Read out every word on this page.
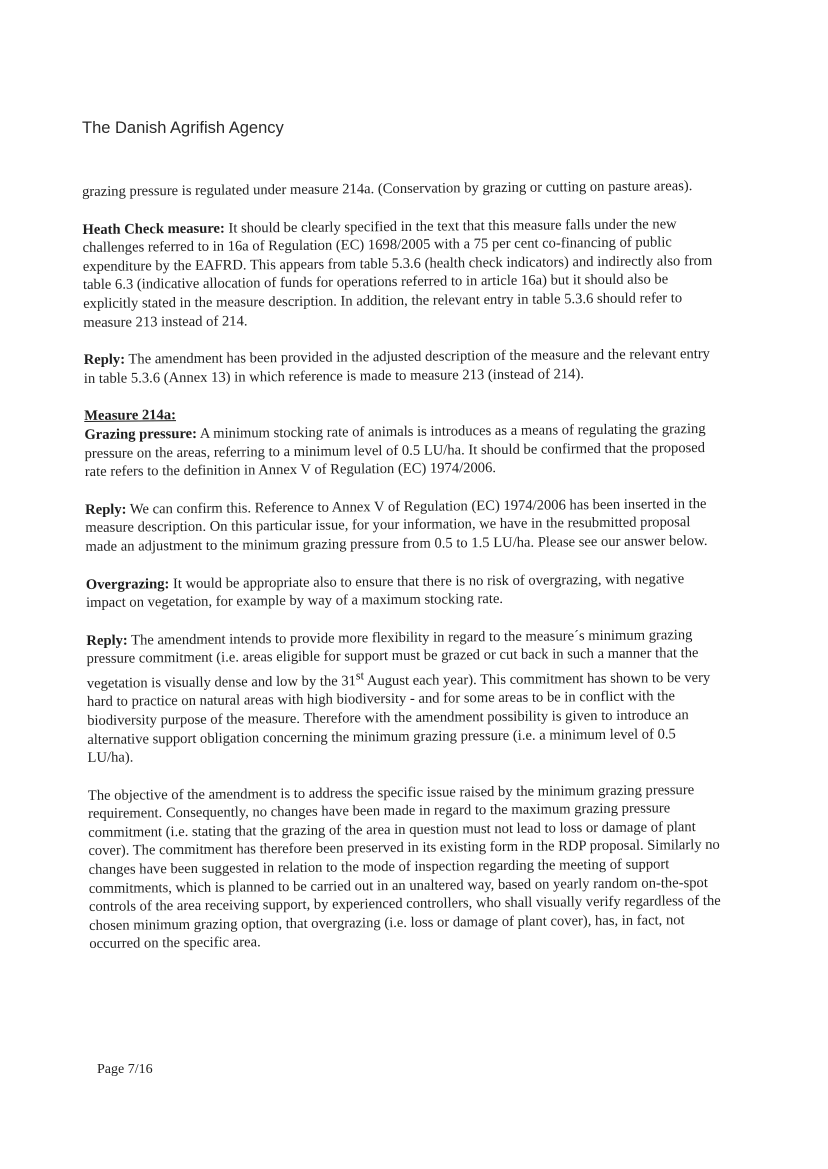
The Danish Agrifish Agency

grazing pressure is regulated under measure 214a. (Conservation by grazing or cutting on pasture areas).

Heath Check measure: It should be clearly specified in the text that this measure falls under the new challenges referred to in 16a of Regulation (EC) 1698/2005 with a 75 per cent co-financing of public expenditure by the EAFRD. This appears from table 5.3.6 (health check indicators) and indirectly also from table 6.3 (indicative allocation of funds for operations referred to in article 16a) but it should also be explicitly stated in the measure description. In addition, the relevant entry in table 5.3.6 should refer to measure 213 instead of 214.

Reply: The amendment has been provided in the adjusted description of the measure and the relevant entry in table 5.3.6 (Annex 13) in which reference is made to measure 213 (instead of 214).

Measure 214a:
Grazing pressure: A minimum stocking rate of animals is introduces as a means of regulating the grazing pressure on the areas, referring to a minimum level of 0.5 LU/ha. It should be confirmed that the proposed rate refers to the definition in Annex V of Regulation (EC) 1974/2006.

Reply: We can confirm this. Reference to Annex V of Regulation (EC) 1974/2006 has been inserted in the measure description. On this particular issue, for your information, we have in the resubmitted proposal made an adjustment to the minimum grazing pressure from 0.5 to 1.5 LU/ha. Please see our answer below.

Overgrazing: It would be appropriate also to ensure that there is no risk of overgrazing, with negative impact on vegetation, for example by way of a maximum stocking rate.

Reply: The amendment intends to provide more flexibility in regard to the measure´s minimum grazing pressure commitment (i.e. areas eligible for support must be grazed or cut back in such a manner that the vegetation is visually dense and low by the 31st August each year). This commitment has shown to be very hard to practice on natural areas with high biodiversity - and for some areas to be in conflict with the biodiversity purpose of the measure. Therefore with the amendment possibility is given to introduce an alternative support obligation concerning the minimum grazing pressure (i.e. a minimum level of 0.5 LU/ha).

The objective of the amendment is to address the specific issue raised by the minimum grazing pressure requirement. Consequently, no changes have been made in regard to the maximum grazing pressure commitment (i.e. stating that the grazing of the area in question must not lead to loss or damage of plant cover). The commitment has therefore been preserved in its existing form in the RDP proposal. Similarly no changes have been suggested in relation to the mode of inspection regarding the meeting of support commitments, which is planned to be carried out in an unaltered way, based on yearly random on-the-spot controls of the area receiving support, by experienced controllers, who shall visually verify regardless of the chosen minimum grazing option, that overgrazing (i.e. loss or damage of plant cover), has, in fact, not occurred on the specific area.

Page 7/16
